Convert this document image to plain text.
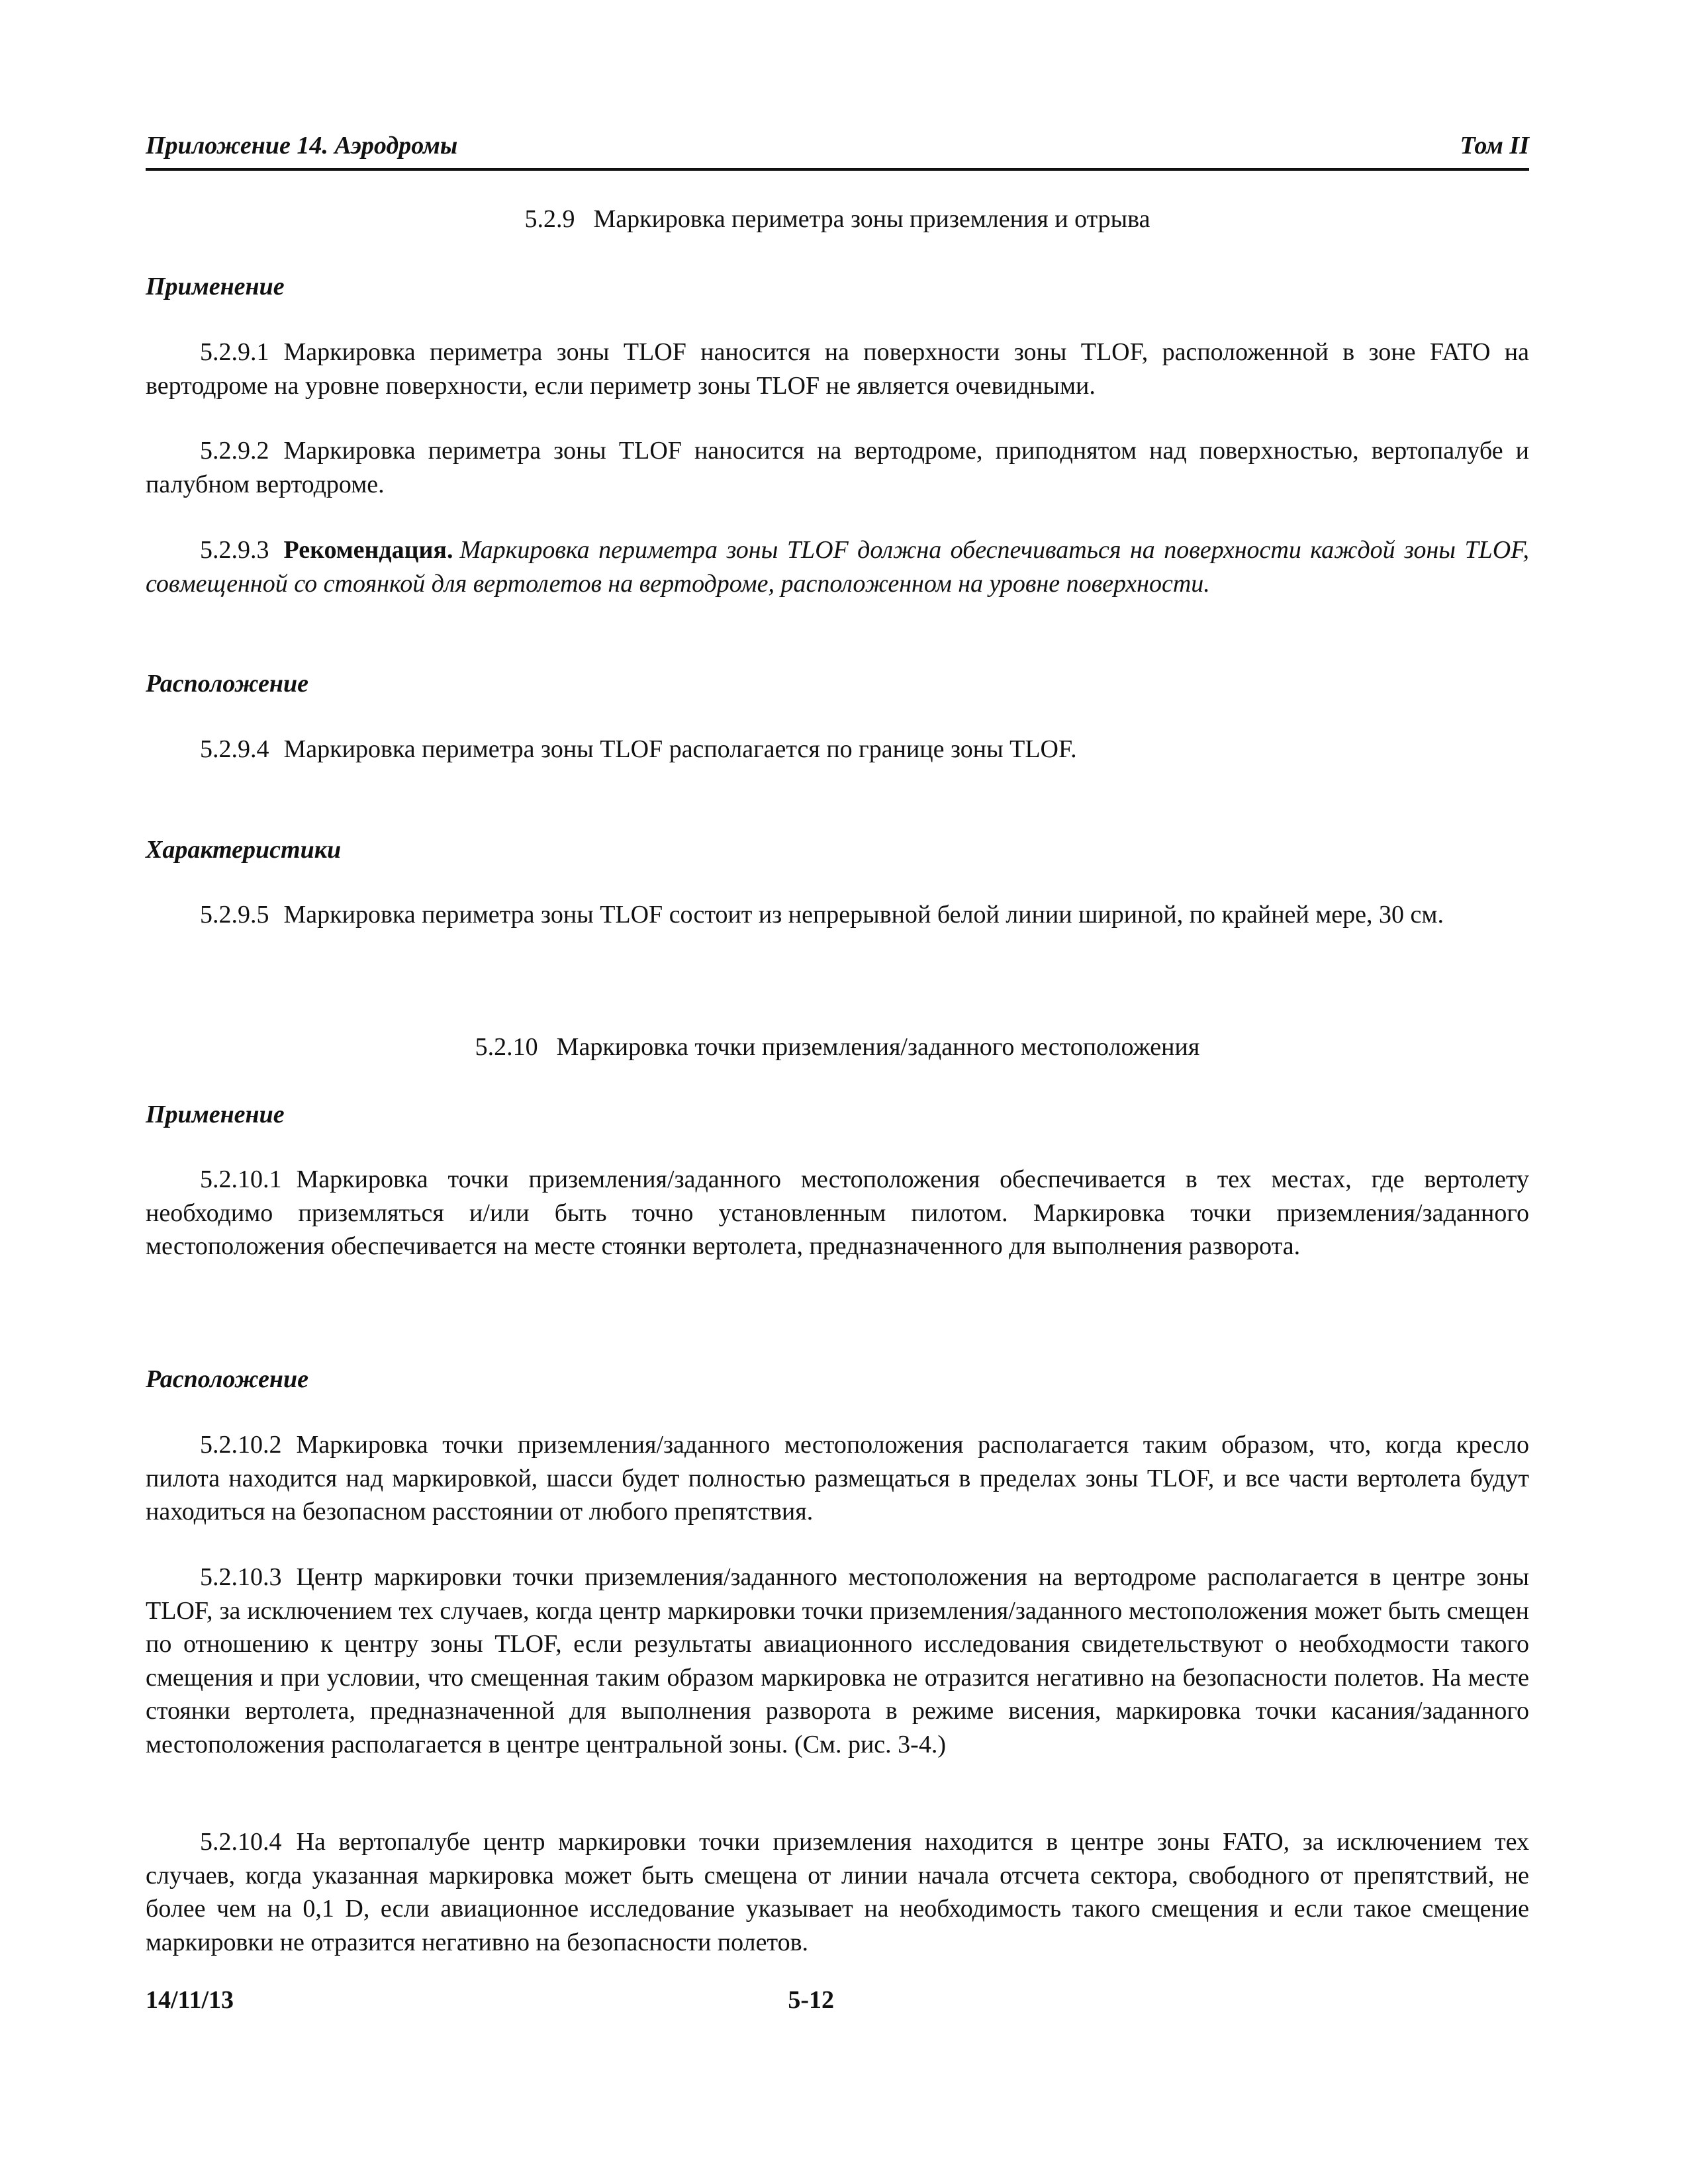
Приложение 14. Аэродромы	Том II
5.2.9 Маркировка периметра зоны приземления и отрыва
Применение
5.2.9.1 Маркировка периметра зоны TLOF наносится на поверхности зоны TLOF, расположенной в зоне FATO на вертодроме на уровне поверхности, если периметр зоны TLOF не является очевидными.
5.2.9.2 Маркировка периметра зоны TLOF наносится на вертодроме, приподнятом над поверхностью, вертопалубе и палубном вертодроме.
5.2.9.3 Рекомендация. Маркировка периметра зоны TLOF должна обеспечиваться на поверхности каждой зоны TLOF, совмещенной со стоянкой для вертолетов на вертодроме, расположенном на уровне поверхности.
Расположение
5.2.9.4 Маркировка периметра зоны TLOF располагается по границе зоны TLOF.
Характеристики
5.2.9.5 Маркировка периметра зоны TLOF состоит из непрерывной белой линии шириной, по крайней мере, 30 см.
5.2.10 Маркировка точки приземления/заданного местоположения
Применение
5.2.10.1 Маркировка точки приземления/заданного местоположения обеспечивается в тех местах, где вертолету необходимо приземляться и/или быть точно установленным пилотом. Маркировка точки приземления/заданного местоположения обеспечивается на месте стоянки вертолета, предназначенного для выполнения разворота.
Расположение
5.2.10.2 Маркировка точки приземления/заданного местоположения располагается таким образом, что, когда кресло пилота находится над маркировкой, шасси будет полностью размещаться в пределах зоны TLOF, и все части вертолета будут находиться на безопасном расстоянии от любого препятствия.
5.2.10.3 Центр маркировки точки приземления/заданного местоположения на вертодроме располагается в центре зоны TLOF, за исключением тех случаев, когда центр маркировки точки приземления/заданного местоположения может быть смещен по отношению к центру зоны TLOF, если результаты авиационного исследования свидетельствуют о необходмости такого смещения и при условии, что смещенная таким образом маркировка не отразится негативно на безопасности полетов. На месте стоянки вертолета, предназначенной для выполнения разворота в режиме висения, маркировка точки касания/заданного местоположения располагается в центре центральной зоны. (См. рис. 3-4.)
5.2.10.4 На вертопалубе центр маркировки точки приземления находится в центре зоны FATO, за исключением тех случаев, когда указанная маркировка может быть смещена от линии начала отсчета сектора, свободного от препятствий, не более чем на 0,1 D, если авиационное исследование указывает на необходимость такого смещения и если такое смещение маркировки не отразится негативно на безопасности полетов.
14/11/13	5-12
